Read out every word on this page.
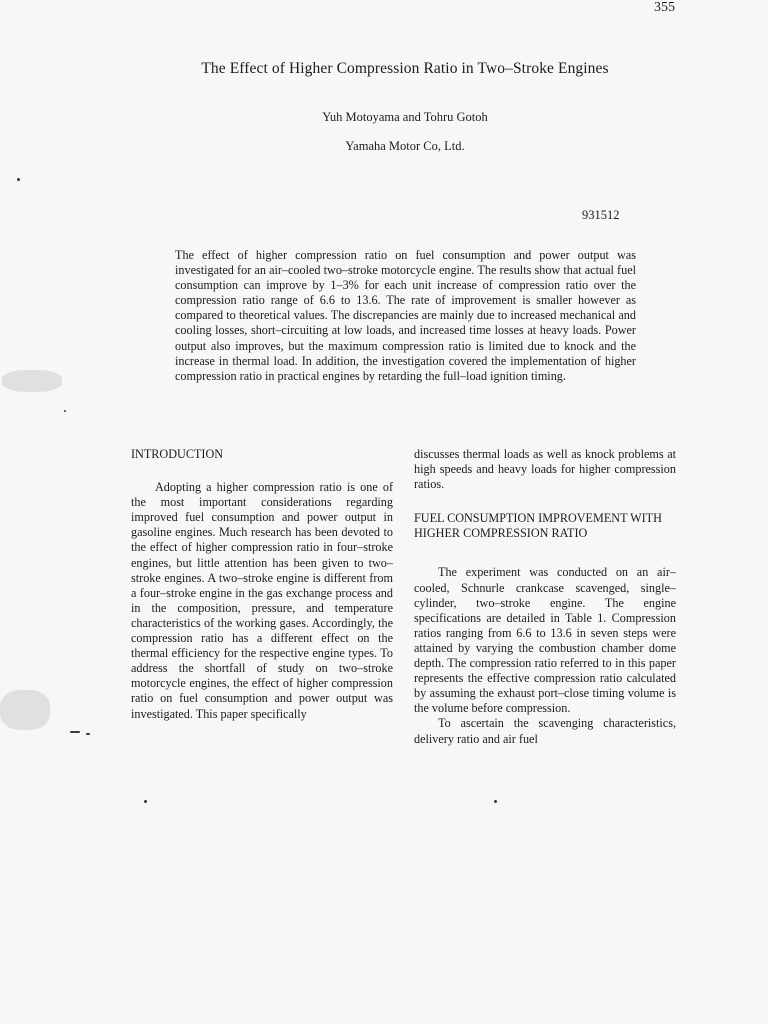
355
The Effect of Higher Compression Ratio in Two–Stroke Engines
Yuh Motoyama and Tohru Gotoh
Yamaha Motor Co, Ltd.
931512

The effect of higher compression ratio on fuel consumption and power output was investigated for an air–cooled two–stroke motorcycle engine. The results show that actual fuel consumption can improve by 1–3% for each unit increase of compression ratio over the compression ratio range of 6.6 to 13.6. The rate of improvement is smaller however as compared to theoretical values. The discrepancies are mainly due to increased mechanical and cooling losses, short–circuiting at low loads, and increased time losses at heavy loads. Power output also improves, but the maximum compression ratio is limited due to knock and the increase in thermal load. In addition, the investigation covered the implementation of higher compression ratio in practical engines by retarding the full–load ignition timing.

INTRODUCTION

Adopting a higher compression ratio is one of the most important considerations regarding improved fuel consumption and power output in gasoline engines. Much research has been devoted to the effect of higher compression ratio in four–stroke engines, but little attention has been given to two–stroke engines. A two–stroke engine is different from a four–stroke engine in the gas exchange process and in the composition, pressure, and temperature characteristics of the working gases. Accordingly, the compression ratio has a different effect on the thermal efficiency for the respective engine types. To address the shortfall of study on two–stroke motorcycle engines, the effect of higher compression ratio on fuel consumption and power output was investigated. This paper specifically

discusses thermal loads as well as knock problems at high speeds and heavy loads for higher compression ratios.

FUEL CONSUMPTION IMPROVEMENT WITH HIGHER COMPRESSION RATIO

The experiment was conducted on an air–cooled, Schnurle crankcase scavenged, single–cylinder, two–stroke engine. The engine specifications are detailed in Table 1. Compression ratios ranging from 6.6 to 13.6 in seven steps were attained by varying the combustion chamber dome depth. The compression ratio referred to in this paper represents the effective compression ratio calculated by assuming the exhaust port–close timing volume is the volume before compression.

To ascertain the scavenging characteristics, delivery ratio and air fuel
